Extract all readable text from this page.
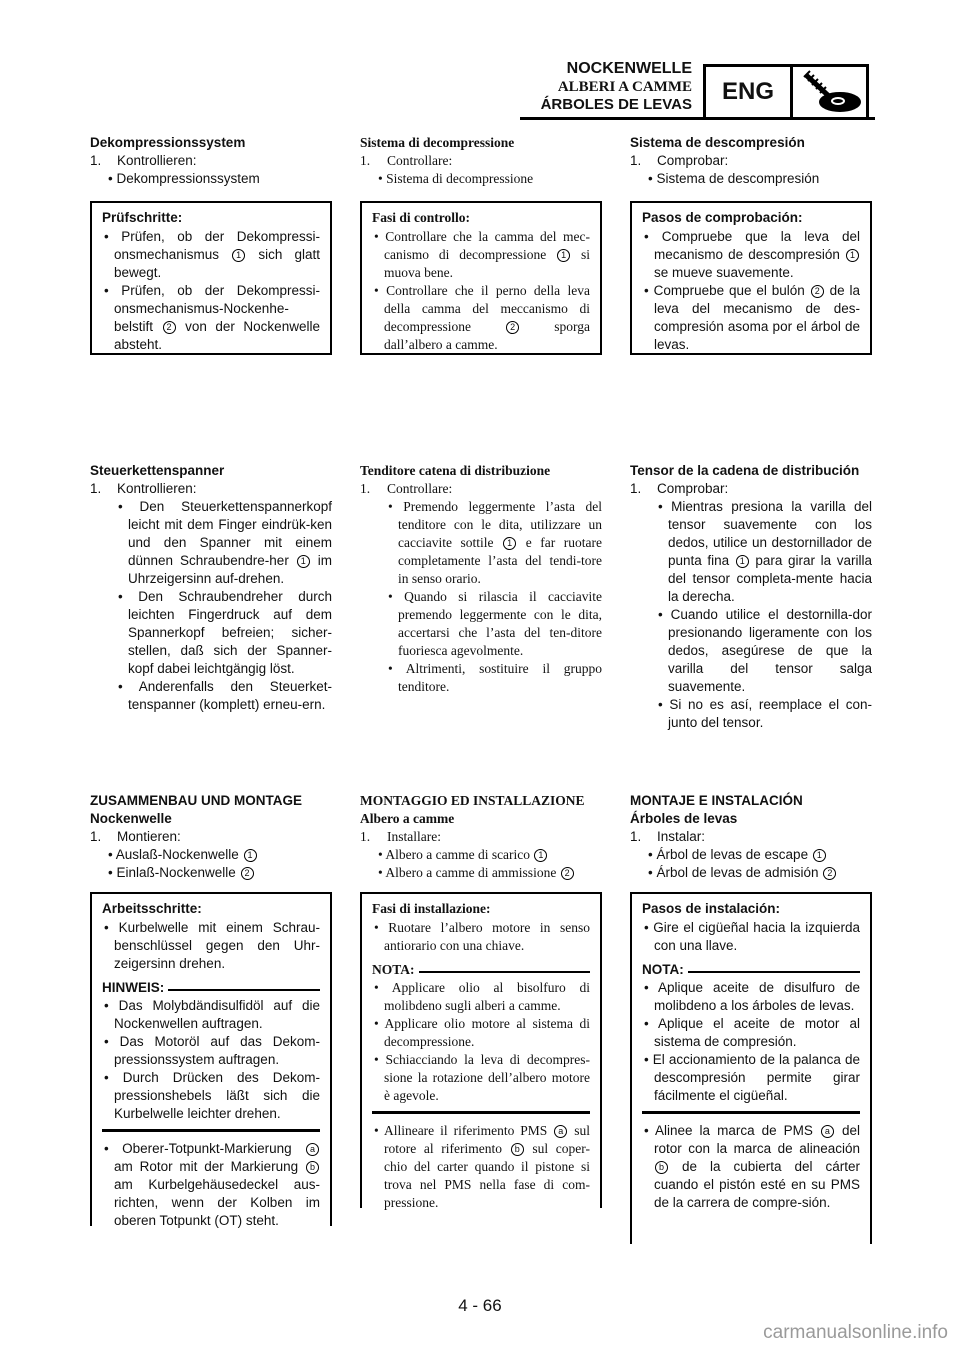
NOCKENWELLE
ALBERI A CAMME
ÁRBOLES DE LEVAS	ENG
Dekompressionssystem
1. Kontrollieren:
• Dekompressionssystem
Prüfschritte:
• Prüfen, ob der Dekompressi-onsmechanismus 1 sich glatt bewegt.
• Prüfen, ob der Dekompressi-onsmechanismus-Nockenhe-belstift 2 von der Nockenwelle absteht.
Sistema di decompressione
1. Controllare:
• Sistema di decompressione
Fasi di controllo:
• Controllare che la camma del mec-canismo di decompressione 1 si muova bene.
• Controllare che il perno della leva della camma del meccanismo di decompressione	2	sporga dall’albero a camme.
Sistema de descompresión
1. Comprobar:
• Sistema de descompresión
Pasos de comprobación:
• Compruebe que la leva del mecanismo de descompresión 1 se mueve suavemente.
• Compruebe que el bulón 2 de la leva del mecanismo de des-compresión asoma por el árbol de levas.
Steuerkettenspanner
1. Kontrollieren:
• Den Steuerkettenspannerkopf leicht mit dem Finger eindrük-ken und den Spanner mit einem dünnen Schraubendre-her 1 im Uhrzeigersinn auf-drehen.
• Den Schraubendreher durch leichten Fingerdruck auf dem Spannerkopf befreien; sicher-stellen, daß sich der Spanner-kopf dabei leichtgängig löst.
• Anderenfalls den Steuerket-tenspanner (komplett) erneu-ern.
Tenditore catena di distribuzione
1. Controllare:
• Premendo leggermente l’asta del tenditore con le dita, utilizzare un cacciavite sottile 1 e far ruotare completamente l’asta del tendi-tore in senso orario.
• Quando si rilascia il cacciavite premendo leggermente con le dita, accertarsi che l’asta del ten-ditore fuoriesca agevolmente.
• Altrimenti, sostituire il gruppo tenditore.
Tensor de la cadena de distribución
1. Comprobar:
• Mientras presiona la varilla del tensor suavemente con los dedos, utilice un destornillador de punta fina 1 para girar la varilla del tensor completa-mente hacia la derecha.
• Cuando utilice el destornilla-dor presionando ligeramente con los dedos, asegúrese de que la varilla del tensor salga suavemente.
• Si no es así, reemplace el con-junto del tensor.
ZUSAMMENBAU UND MONTAGE
Nockenwelle
1. Montieren:
• Auslaß-Nockenwelle 1
• Einlaß-Nockenwelle 2
Arbeitsschritte:
• Kurbelwelle mit einem Schrau-benschlüssel gegen den Uhr-zeigersinn drehen.
HINWEIS:
• Das Molybdändisulfidöl auf die Nockenwellen auftragen.
• Das Motoröl auf das Dekom-pressionssystem auftragen.
• Durch Drücken des Dekom-pressionshebels läßt sich die Kurbelwelle leichter drehen.
• Oberer-Totpunkt-Markierung a am Rotor mit der Markierung b am Kurbelgehäusedeckel aus-richten, wenn der Kolben im oberen Totpunkt (OT) steht.
MONTAGGIO ED INSTALLAZIONE
Albero a camme
1. Installare:
• Albero a camme di scarico 1
• Albero a camme di ammissione 2
Fasi di installazione:
• Ruotare l’albero motore in senso antiorario con una chiave.
NOTA:
• Applicare olio al bisolfuro di molibdeno sugli alberi a camme.
• Applicare olio motore al sistema di decompressione.
• Schiacciando la leva di decompres-sione la rotazione dell’albero motore è agevole.
• Allineare il riferimento PMS a sul rotore al riferimento b sul coper-chio del carter quando il pistone si trova nel PMS nella fase di com-pressione.
MONTAJE E INSTALACIÓN
Árboles de levas
1. Instalar:
• Árbol de levas de escape 1
• Árbol de levas de admisión 2
Pasos de instalación:
• Gire el cigüeñal hacia la izquierda con una llave.
NOTA:
• Aplique aceite de disulfuro de molibdeno a los árboles de levas.
• Aplique el aceite de motor al sistema de compresión.
• El accionamiento de la palanca de descompresión permite girar fácilmente el cigüeñal.
• Alinee la marca de PMS a del rotor con la marca de alineación b de la cubierta del cárter cuando el pistón esté en su PMS de la carrera de compre-sión.
4 - 66
carmanualsonline.info
